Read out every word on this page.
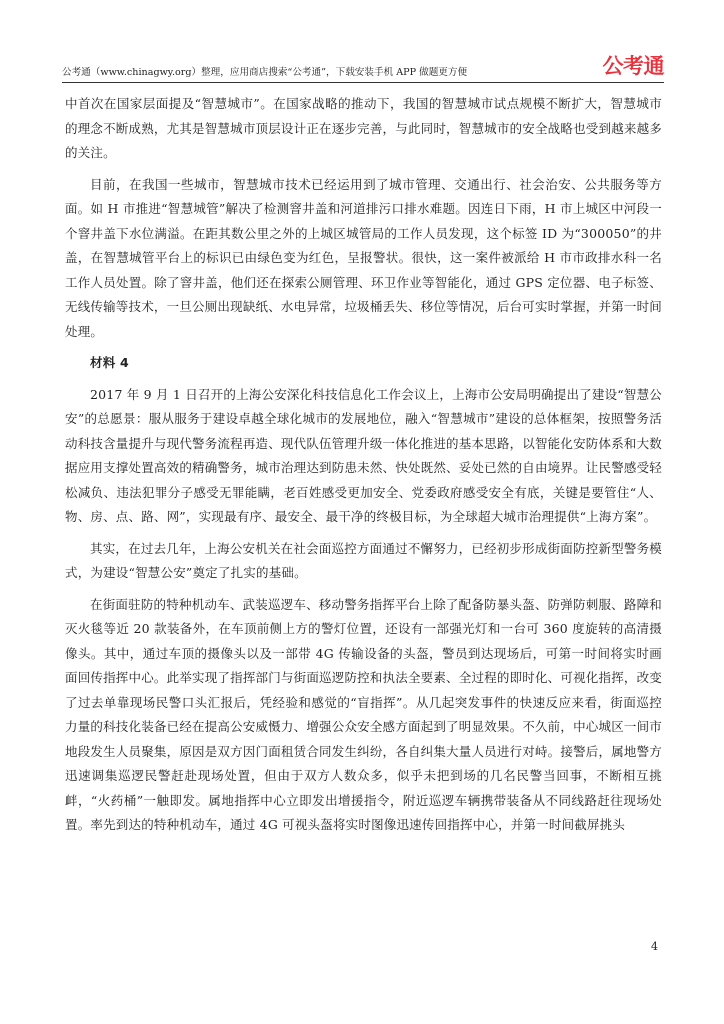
公考通（www.chinagwy.org）整理，应用商店搜索“公考通”，下载安装手机 APP 做题更方便	公考通

中首次在国家层面提及“智慧城市”。在国家战略的推动下，我国的智慧城市试点规模不断扩大，智慧城市的理念不断成熟，尤其是智慧城市顶层设计正在逐步完善，与此同时，智慧城市的安全战略也受到越来越多的关注。

目前，在我国一些城市，智慧城市技术已经运用到了城市管理、交通出行、社会治安、公共服务等方面。如 H 市推进“智慧城管”解决了检测窨井盖和河道排污口排水难题。因连日下雨，H 市上城区中河段一个窨井盖下水位满溢。在距其数公里之外的上城区城管局的工作人员发现，这个标签 ID 为“300050”的井盖，在智慧城管平台上的标识已由绿色变为红色，呈报警状。很快，这一案件被派给 H 市市政排水科一名工作人员处置。除了窨井盖，他们还在探索公厕管理、环卫作业等智能化，通过 GPS 定位器、电子标签、无线传输等技术，一旦公厕出现缺纸、水电异常，垃圾桶丢失、移位等情况，后台可实时掌握，并第一时间处理。

材料 4

2017 年 9 月 1 日召开的上海公安深化科技信息化工作会议上，上海市公安局明确提出了建设“智慧公安”的总愿景：服从服务于建设卓越全球化城市的发展地位，融入“智慧城市”建设的总体框架，按照警务活动科技含量提升与现代警务流程再造、现代队伍管理升级一体化推进的基本思路，以智能化安防体系和大数据应用支撑处置高效的精确警务，城市治理达到防患未然、快处既然、妥处已然的自由境界。让民警感受轻松减负、违法犯罪分子感受无罪能瞒，老百姓感受更加安全、党委政府感受安全有底，关键是要管住“人、物、房、点、路、网”，实现最有序、最安全、最干净的终极目标，为全球超大城市治理提供“上海方案”。

其实，在过去几年，上海公安机关在社会面巡控方面通过不懈努力，已经初步形成街面防控新型警务模式，为建设“智慧公安”奠定了扎实的基础。

在街面驻防的特种机动车、武装巡逻车、移动警务指挥平台上除了配备防暴头盔、防弹防刺服、路障和灭火毯等近 20 款装备外，在车顶前侧上方的警灯位置，还设有一部强光灯和一台可 360 度旋转的高清摄像头。其中，通过车顶的摄像头以及一部带 4G 传输设备的头盔，警员到达现场后，可第一时间将实时画面回传指挥中心。此举实现了指挥部门与街面巡逻防控和执法全要素、全过程的即时化、可视化指挥，改变了过去单靠现场民警口头汇报后，凭经验和感觉的“盲指挥”。从几起突发事件的快速反应来看，街面巡控力量的科技化装备已经在提高公安威慑力、增强公众安全感方面起到了明显效果。不久前，中心城区一间市地段发生人员聚集，原因是双方因门面租赁合同发生纠纷，各自纠集大量人员进行对峙。接警后，属地警方迅速调集巡逻民警赶赴现场处置，但由于双方人数众多，似乎未把到场的几名民警当回事，不断相互挑衅，“火药桶”一触即发。属地指挥中心立即发出增援指令，附近巡逻车辆携带装备从不同线路赶往现场处置。率先到达的特种机动车，通过 4G 可视头盔将实时图像迅速传回指挥中心，并第一时间截屏挑头

4
